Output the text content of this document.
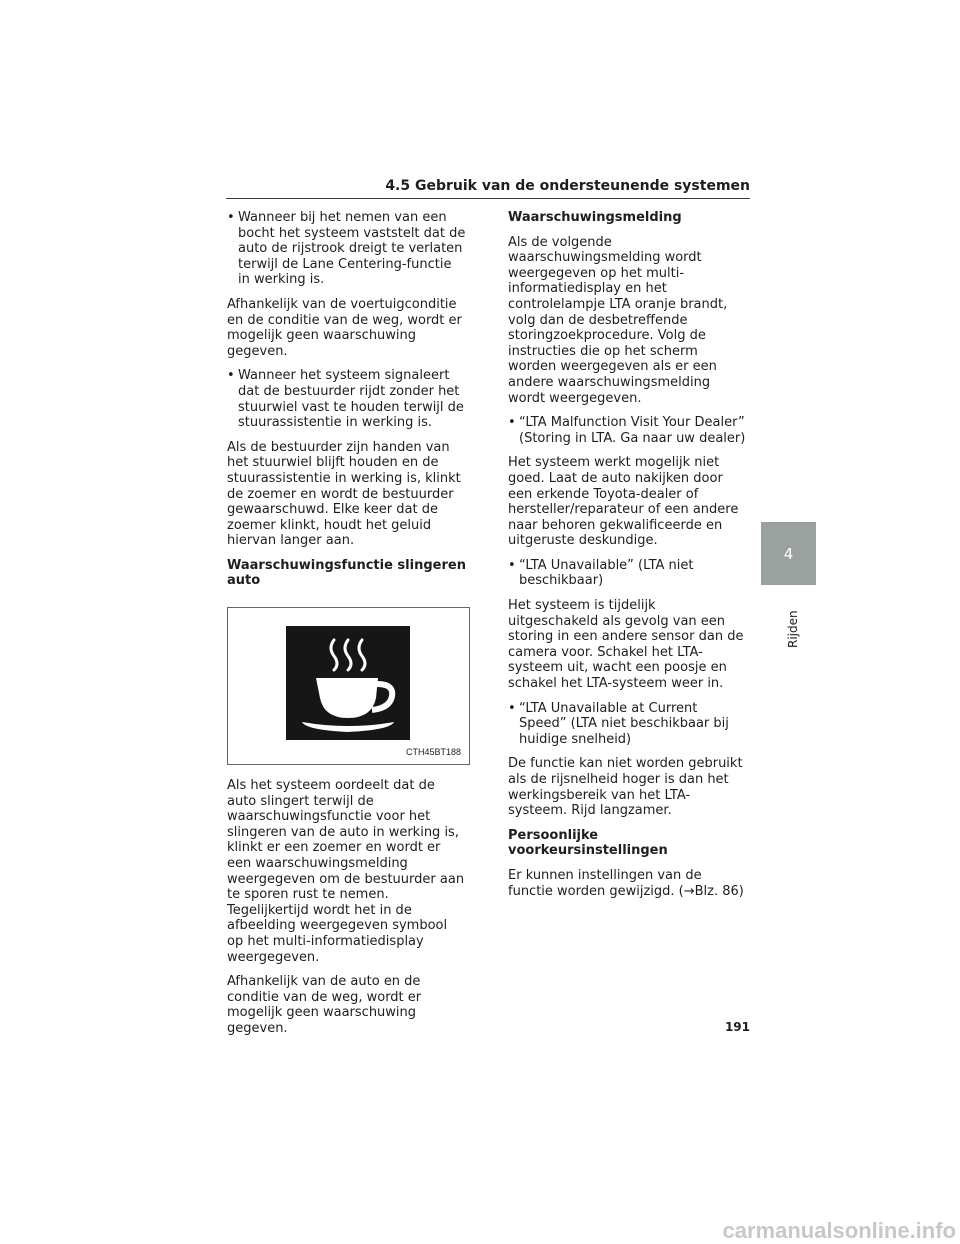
4.5 Gebruik van de ondersteunende systemen
• Wanneer bij het nemen van een bocht het systeem vaststelt dat de auto de rijstrook dreigt te verlaten terwijl de Lane Centering-functie in werking is.

Afhankelijk van de voertuigconditie en de conditie van de weg, wordt er mogelijk geen waarschuwing gegeven.

• Wanneer het systeem signaleert dat de bestuurder rijdt zonder het stuurwiel vast te houden terwijl de stuurassistentie in werking is.

Als de bestuurder zijn handen van het stuurwiel blijft houden en de stuurassistentie in werking is, klinkt de zoemer en wordt de bestuurder gewaarschuwd. Elke keer dat de zoemer klinkt, houdt het geluid hiervan langer aan.

Waarschuwingsfunctie slingeren auto

CTH45BT188

Als het systeem oordeelt dat de auto slingert terwijl de waarschuwingsfunctie voor het slingeren van de auto in werking is, klinkt er een zoemer en wordt er een waarschuwingsmelding weergegeven om de bestuurder aan te sporen rust te nemen. Tegelijkertijd wordt het in de afbeelding weergegeven symbool op het multi-informatiedisplay weergegeven.

Afhankelijk van de auto en de conditie van de weg, wordt er mogelijk geen waarschuwing gegeven.

Waarschuwingsmelding

Als de volgende waarschuwingsmelding wordt weergegeven op het multi-informatiedisplay en het controlelampje LTA oranje brandt, volg dan de desbetreffende storingzoekprocedure. Volg de instructies die op het scherm worden weergegeven als er een andere waarschuwingsmelding wordt weergegeven.

• “LTA Malfunction Visit Your Dealer” (Storing in LTA. Ga naar uw dealer)

Het systeem werkt mogelijk niet goed. Laat de auto nakijken door een erkende Toyota-dealer of hersteller/reparateur of een andere naar behoren gekwalificeerde en uitgeruste deskundige.

• “LTA Unavailable” (LTA niet beschikbaar)

Het systeem is tijdelijk uitgeschakeld als gevolg van een storing in een andere sensor dan de camera voor. Schakel het LTA-systeem uit, wacht een poosje en schakel het LTA-systeem weer in.

• “LTA Unavailable at Current Speed” (LTA niet beschikbaar bij huidige snelheid)

De functie kan niet worden gebruikt als de rijsnelheid hoger is dan het werkingsbereik van het LTA-systeem. Rijd langzamer.

Persoonlijke voorkeursinstellingen

Er kunnen instellingen van de functie worden gewijzigd. (→Blz. 86)

4
Rijden
191
carmanualsonline.info
